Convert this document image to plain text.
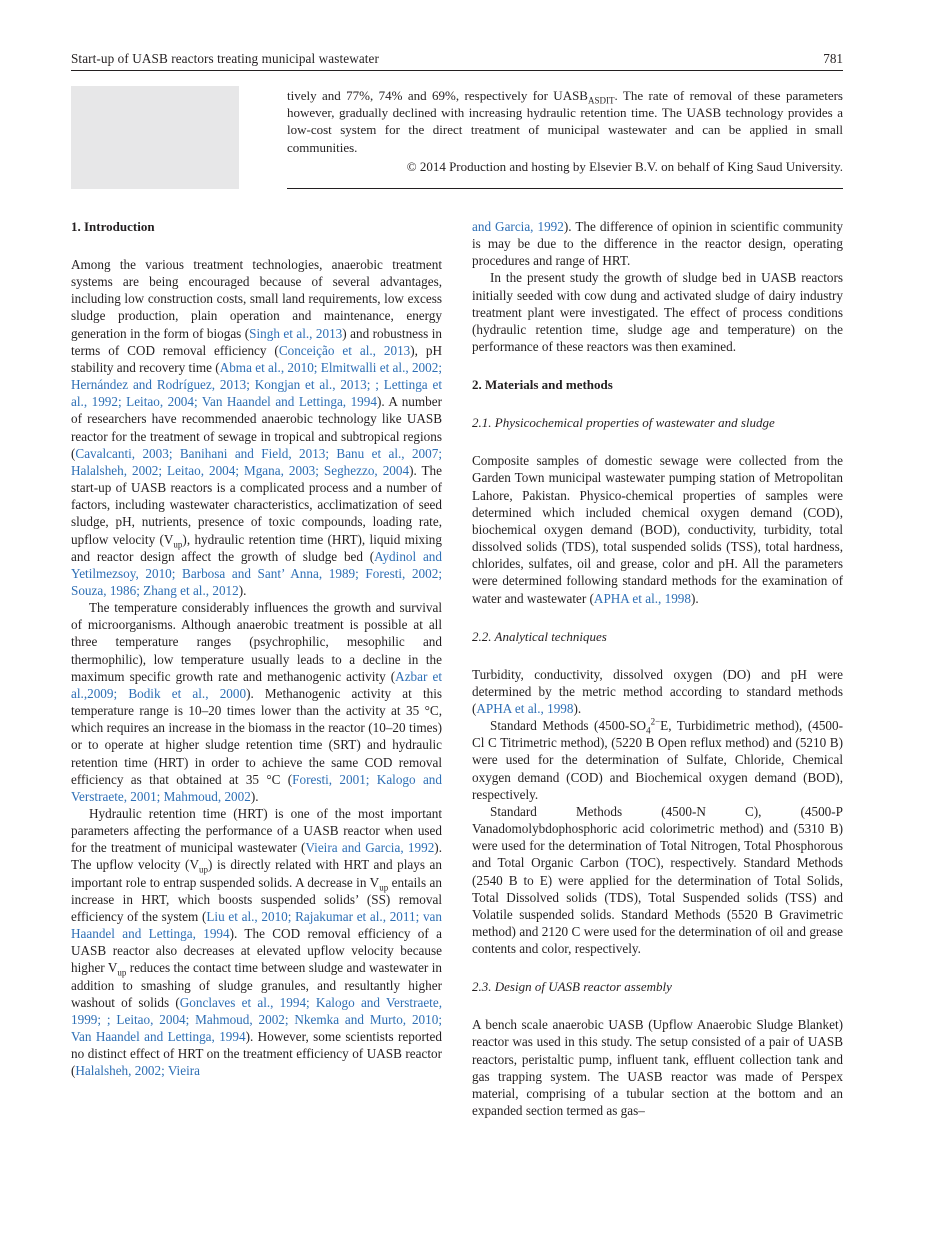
Start-up of UASB reactors treating municipal wastewater	781

tively and 77%, 74% and 69%, respectively for $UASB_{ASDIT}$. The rate of removal of these parameters however, gradually declined with increasing hydraulic retention time. The UASB technology provides a low-cost system for the direct treatment of municipal wastewater and can be applied in small communities.

© 2014 Production and hosting by Elsevier B.V. on behalf of King Saud University.

1. Introduction

Among the various treatment technologies, anaerobic treatment systems are being encouraged because of several advantages, including low construction costs, small land requirements, low excess sludge production, plain operation and maintenance, energy generation in the form of biogas (Singh et al., 2013) and robustness in terms of COD removal efficiency (Conceição et al., 2013), pH stability and recovery time (Abma et al., 2010; Elmitwalli et al., 2002; Hernández and Rodríguez, 2013; Kongjan et al., 2013; ; Lettinga et al., 1992; Leitao, 2004; Van Haandel and Lettinga, 1994). A number of researchers have recommended anaerobic technology like UASB reactor for the treatment of sewage in tropical and subtropical regions (Cavalcanti, 2003; Banihani and Field, 2013; Banu et al., 2007; Halalsheh, 2002; Leitao, 2004; Mgana, 2003; Seghezzo, 2004). The start-up of UASB reactors is a complicated process and a number of factors, including wastewater characteristics, acclimatization of seed sludge, pH, nutrients, presence of toxic compounds, loading rate, upflow velocity $(V_{up})$, hydraulic retention time (HRT), liquid mixing and reactor design affect the growth of sludge bed (Aydinol and Yetilmezsoy, 2010; Barbosa and Sant’ Anna, 1989; Foresti, 2002; Souza, 1986; Zhang et al., 2012).

The temperature considerably influences the growth and survival of microorganisms. Although anaerobic treatment is possible at all three temperature ranges (psychrophilic, mesophilic and thermophilic), low temperature usually leads to a decline in the maximum specific growth rate and methanogenic activity (Azbar et al.,2009; Bodik et al., 2000). Methanogenic activity at this temperature range is 10–20 times lower than the activity at 35 °C, which requires an increase in the biomass in the reactor (10–20 times) or to operate at higher sludge retention time (SRT) and hydraulic retention time (HRT) in order to achieve the same COD removal efficiency as that obtained at 35 °C (Foresti, 2001; Kalogo and Verstraete, 2001; Mahmoud, 2002).

Hydraulic retention time (HRT) is one of the most important parameters affecting the performance of a UASB reactor when used for the treatment of municipal wastewater (Vieira and Garcia, 1992). The upflow velocity $(V_{up})$ is directly related with HRT and plays an important role to entrap suspended solids. A decrease in $V_{up}$ entails an increase in HRT, which boosts suspended solids’ (SS) removal efficiency of the system (Liu et al., 2010; Rajakumar et al., 2011; van Haandel and Lettinga, 1994). The COD removal efficiency of a UASB reactor also decreases at elevated upflow velocity because higher $V_{up}$ reduces the contact time between sludge and wastewater in addition to smashing of sludge granules, and resultantly higher washout of solids (Gonclaves et al., 1994; Kalogo and Verstraete, 1999; ; Leitao, 2004; Mahmoud, 2002; Nkemka and Murto, 2010; Van Haandel and Lettinga, 1994). However, some scientists reported no distinct effect of HRT on the treatment efficiency of UASB reactor (Halalsheh, 2002; Vieira

and Garcia, 1992). The difference of opinion in scientific community is may be due to the difference in the reactor design, operating procedures and range of HRT.

In the present study the growth of sludge bed in UASB reactors initially seeded with cow dung and activated sludge of dairy industry treatment plant were investigated. The effect of process conditions (hydraulic retention time, sludge age and temperature) on the performance of these reactors was then examined.

2. Materials and methods
2.1. Physicochemical properties of wastewater and sludge

Composite samples of domestic sewage were collected from the Garden Town municipal wastewater pumping station of Metropolitan Lahore, Pakistan. Physico-chemical properties of samples were determined which included chemical oxygen demand (COD), biochemical oxygen demand (BOD), conductivity, turbidity, total dissolved solids (TDS), total suspended solids (TSS), total hardness, chlorides, sulfates, oil and grease, color and pH. All the parameters were determined following standard methods for the examination of water and wastewater (APHA et al., 1998).

2.2. Analytical techniques

Turbidity, conductivity, dissolved oxygen (DO) and pH were determined by the metric method according to standard methods (APHA et al., 1998).

Standard Methods ($4500-SO_4^{2-}E$, Turbidimetric method), (4500-Cl C Titrimetric method), (5220 B Open reflux method) and (5210 B) were used for the determination of Sulfate, Chloride, Chemical oxygen demand (COD) and Biochemical oxygen demand (BOD), respectively.

Standard Methods (4500-N C), (4500-P Vanadomolybdophosphoric acid colorimetric method) and (5310 B) were used for the determination of Total Nitrogen, Total Phosphorous and Total Organic Carbon (TOC), respectively. Standard Methods (2540 B to E) were applied for the determination of Total Solids, Total Dissolved solids (TDS), Total Suspended solids (TSS) and Volatile suspended solids. Standard Methods (5520 B Gravimetric method) and 2120 C were used for the determination of oil and grease contents and color, respectively.

2.3. Design of UASB reactor assembly

A bench scale anaerobic UASB (Upflow Anaerobic Sludge Blanket) reactor was used in this study. The setup consisted of a pair of UASB reactors, peristaltic pump, influent tank, effluent collection tank and gas trapping system. The UASB reactor was made of Perspex material, comprising of a tubular section at the bottom and an expanded section termed as gas–
